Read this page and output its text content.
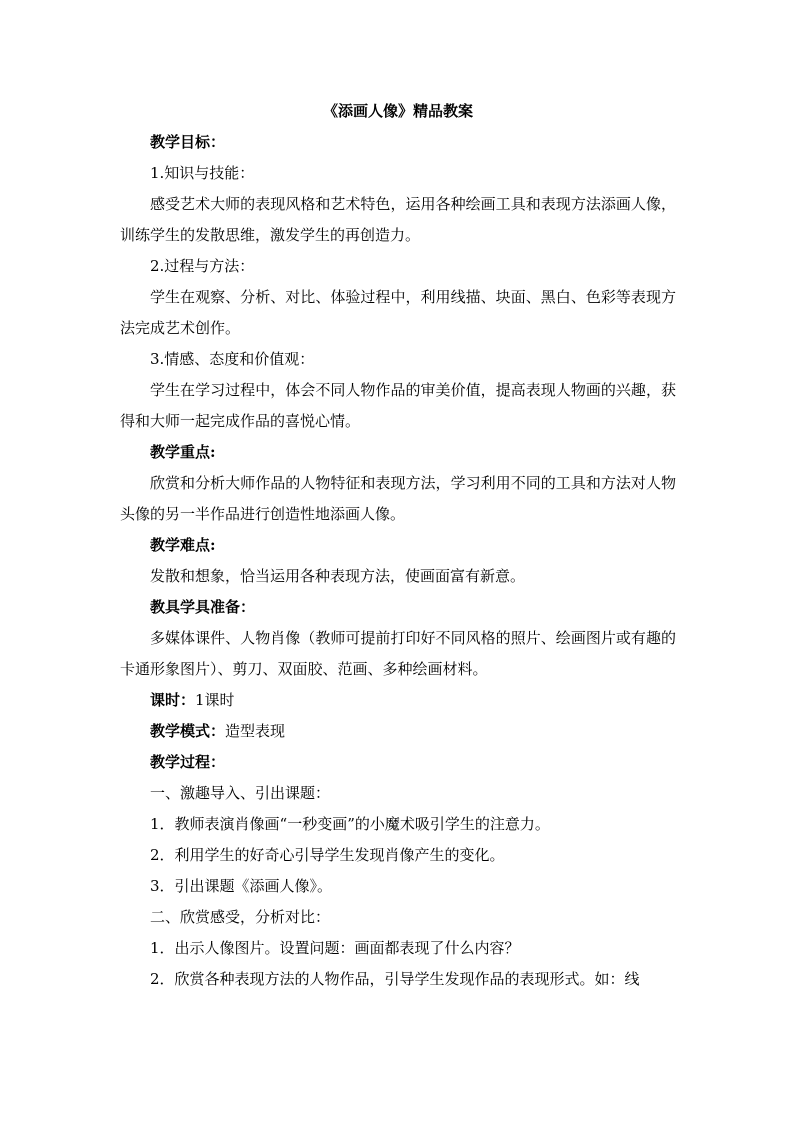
《添画人像》精品教案

教学目标：

1.知识与技能：

感受艺术大师的表现风格和艺术特色，运用各种绘画工具和表现方法添画人像，训练学生的发散思维，激发学生的再创造力。

2.过程与方法：

学生在观察、分析、对比、体验过程中，利用线描、块面、黑白、色彩等表现方法完成艺术创作。

3.情感、态度和价值观：

学生在学习过程中，体会不同人物作品的审美价值，提高表现人物画的兴趣，获得和大师一起完成作品的喜悦心情。

教学重点:

欣赏和分析大师作品的人物特征和表现方法，学习利用不同的工具和方法对人物头像的另一半作品进行创造性地添画人像。

教学难点:

发散和想象，恰当运用各种表现方法，使画面富有新意。

教具学具准备：

多媒体课件、人物肖像（教师可提前打印好不同风格的照片、绘画图片或有趣的卡通形象图片）、剪刀、双面胶、范画、多种绘画材料。

课时：1课时

教学模式：造型表现

教学过程：

一、激趣导入、引出课题：

1．教师表演肖像画“一秒变画”的小魔术吸引学生的注意力。

2．利用学生的好奇心引导学生发现肖像产生的变化。

3．引出课题《添画人像》。

二、欣赏感受，分析对比：

1．出示人像图片。设置问题：画面都表现了什么内容？

2．欣赏各种表现方法的人物作品，引导学生发现作品的表现形式。如：线
